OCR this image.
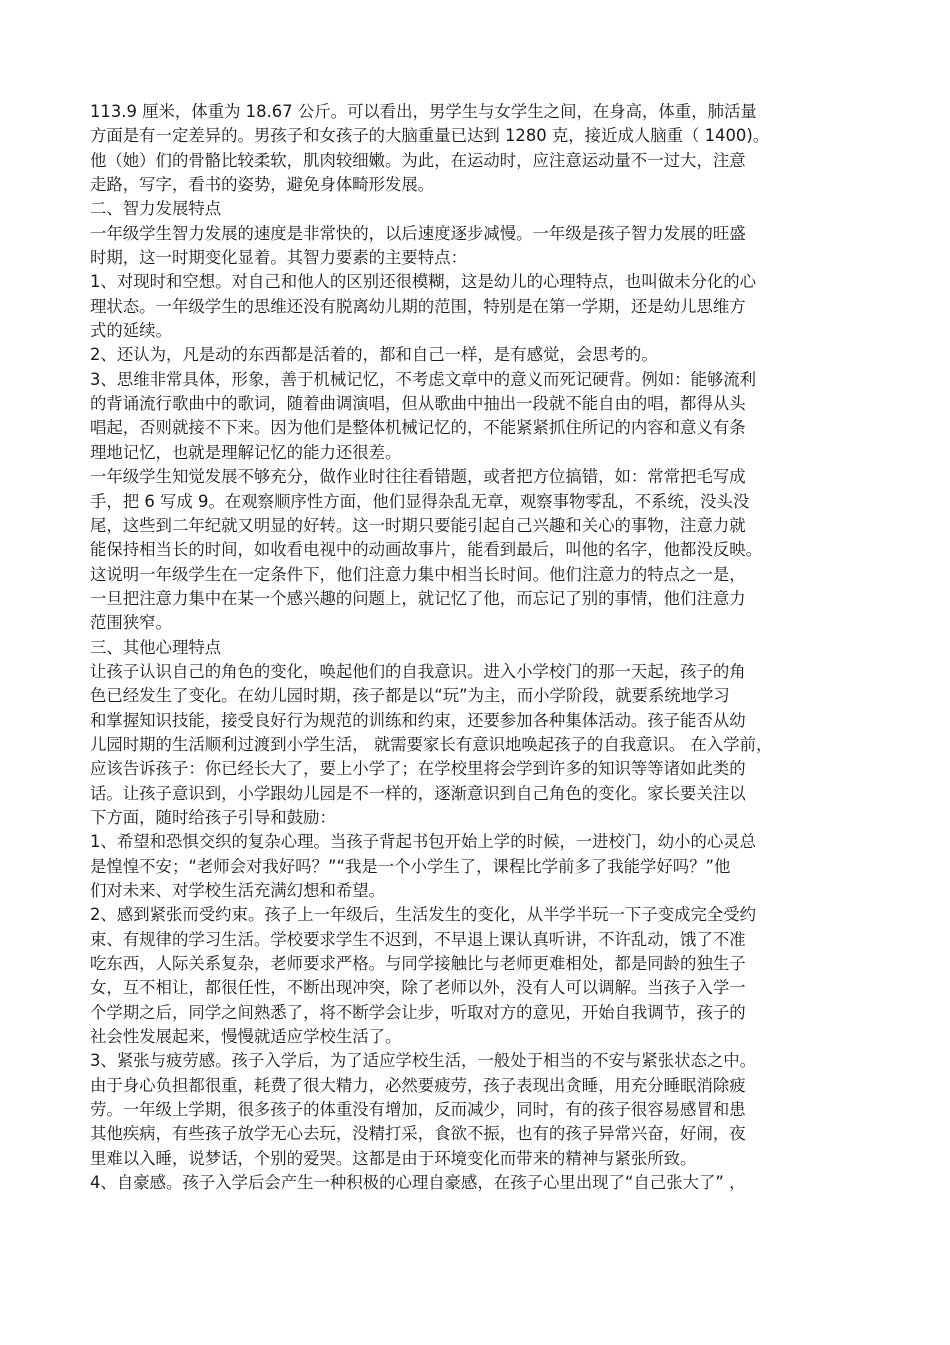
113.9 厘米，体重为 18.67 公斤。可以看出，男学生与女学生之间，在身高，体重，肺活量
方面是有一定差异的。男孩子和女孩子的大脑重量已达到 1280 克，接近成人脑重（ 1400)。
他（她）们的骨骼比较柔软，肌肉较细嫩。为此，在运动时，应注意运动量不一过大，注意
走路，写字，看书的姿势，避免身体畸形发展。
二、智力发展特点
一年级学生智力发展的速度是非常快的，以后速度逐步减慢。一年级是孩子智力发展的旺盛
时期，这一时期变化显着。其智力要素的主要特点：
1、对现时和空想。对自己和他人的区别还很模糊，这是幼儿的心理特点，也叫做未分化的心
理状态。一年级学生的思维还没有脱离幼儿期的范围，特别是在第一学期，还是幼儿思维方
式的延续。
2、还认为，凡是动的东西都是活着的，都和自己一样，是有感觉，会思考的。
3、思维非常具体，形象，善于机械记忆，不考虑文章中的意义而死记硬背。例如：能够流利
的背诵流行歌曲中的歌词，随着曲调演唱，但从歌曲中抽出一段就不能自由的唱，都得从头
唱起，否则就接不下来。因为他们是整体机械记忆的，不能紧紧抓住所记的内容和意义有条
理地记忆，也就是理解记忆的能力还很差。
一年级学生知觉发展不够充分，做作业时往往看错题，或者把方位搞错，如：常常把毛写成
手，把 6 写成 9。在观察顺序性方面，他们显得杂乱无章，观察事物零乱，不系统，没头没
尾，这些到二年纪就又明显的好转。这一时期只要能引起自己兴趣和关心的事物，注意力就
能保持相当长的时间，如收看电视中的动画故事片，能看到最后，叫他的名字，他都没反映。
这说明一年级学生在一定条件下，他们注意力集中相当长时间。他们注意力的特点之一是，
一旦把注意力集中在某一个感兴趣的问题上，就记忆了他，而忘记了别的事情，他们注意力
范围狭窄。
三、其他心理特点
让孩子认识自己的角色的变化，唤起他们的自我意识。进入小学校门的那一天起，孩子的角
色已经发生了变化。在幼儿园时期，孩子都是以“玩”为主，而小学阶段，就要系统地学习
和掌握知识技能，接受良好行为规范的训练和约束，还要参加各种集体活动。孩子能否从幼
儿园时期的生活顺利过渡到小学生活， 就需要家长有意识地唤起孩子的自我意识。 在入学前，
应该告诉孩子：你已经长大了，要上小学了；在学校里将会学到许多的知识等等诸如此类的
话。让孩子意识到，小学跟幼儿园是不一样的，逐渐意识到自己角色的变化。家长要关注以
下方面，随时给孩子引导和鼓励：
1、希望和恐惧交织的复杂心理。当孩子背起书包开始上学的时候，一进校门，幼小的心灵总
是惶惶不安；“老师会对我好吗？”“我是一个小学生了，课程比学前多了我能学好吗？”他
们对未来、对学校生活充满幻想和希望。
2、感到紧张而受约束。孩子上一年级后，生活发生的变化，从半学半玩一下子变成完全受约
束、有规律的学习生活。学校要求学生不迟到，不早退上课认真听讲，不许乱动，饿了不准
吃东西，人际关系复杂，老师要求严格。与同学接触比与老师更难相处，都是同龄的独生子
女，互不相让，都很任性，不断出现冲突，除了老师以外，没有人可以调解。当孩子入学一
个学期之后，同学之间熟悉了，将不断学会让步，听取对方的意见，开始自我调节，孩子的
社会性发展起来，慢慢就适应学校生活了。
3、紧张与疲劳感。孩子入学后，为了适应学校生活，一般处于相当的不安与紧张状态之中。
由于身心负担都很重，耗费了很大精力，必然要疲劳，孩子表现出贪睡，用充分睡眠消除疲
劳。一年级上学期，很多孩子的体重没有增加，反而减少，同时，有的孩子很容易感冒和患
其他疾病，有些孩子放学无心去玩，没精打采，食欲不振，也有的孩子异常兴奋，好闹，夜
里难以入睡，说梦话，个别的爱哭。这都是由于环境变化而带来的精神与紧张所致。
4、自豪感。孩子入学后会产生一种积极的心理自豪感，在孩子心里出现了“自己张大了” ，
